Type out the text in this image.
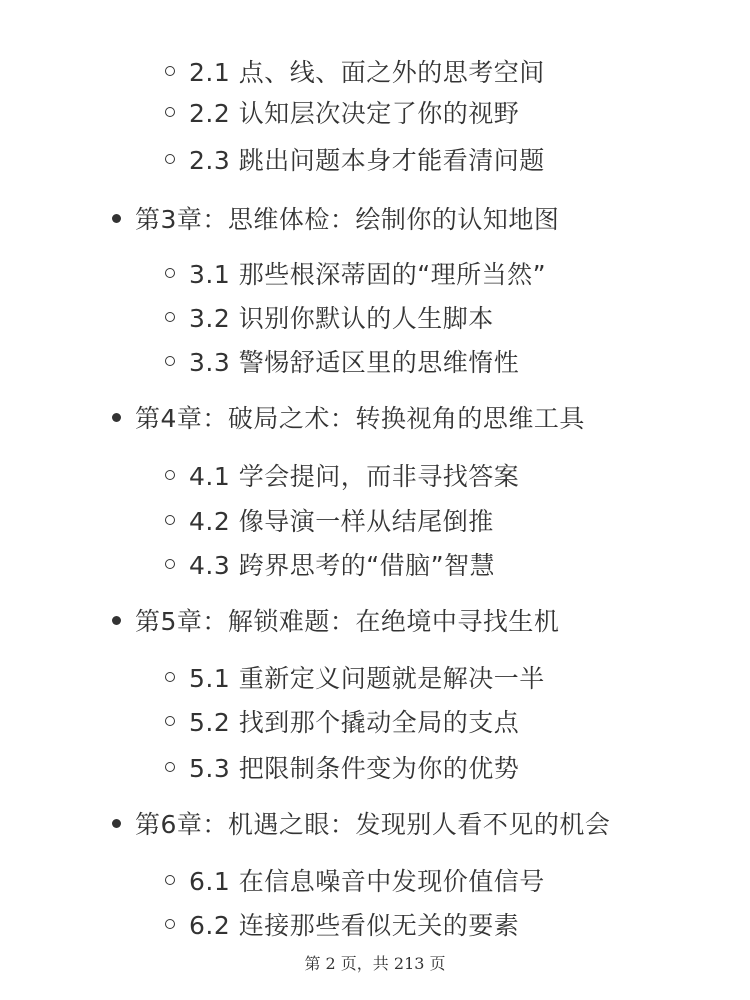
2.1 点、线、面之外的思考空间
2.2 认知层次决定了你的视野
2.3 跳出问题本身才能看清问题
第3章：思维体检：绘制你的认知地图
3.1 那些根深蒂固的“理所当然”
3.2 识别你默认的人生脚本
3.3 警惕舒适区里的思维惰性
第4章：破局之术：转换视角的思维工具
4.1 学会提问，而非寻找答案
4.2 像导演一样从结尾倒推
4.3 跨界思考的“借脑”智慧
第5章：解锁难题：在绝境中寻找生机
5.1 重新定义问题就是解决一半
5.2 找到那个撬动全局的支点
5.3 把限制条件变为你的优势
第6章：机遇之眼：发现别人看不见的机会
6.1 在信息噪音中发现价值信号
6.2 连接那些看似无关的要素
第 2 页，共 213 页
